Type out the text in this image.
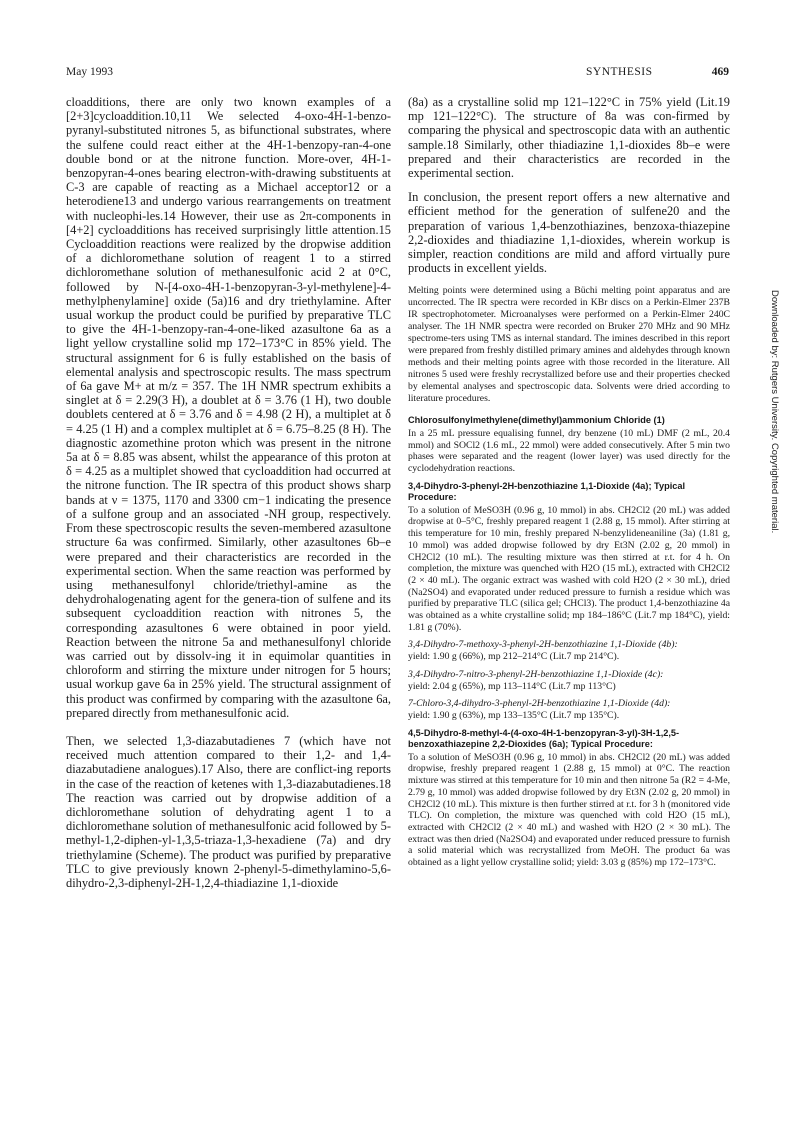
May 1993	SYNTHESIS	469

cloadditions, there are only two known examples of a [2+3]cycloaddition.10,11 We selected 4-oxo-4H-1-benzo-pyranyl-substituted nitrones 5, as bifunctional substrates, where the sulfene could react either at the 4H-1-benzopy-ran-4-one double bond or at the nitrone function. More-over, 4H-1-benzopyran-4-ones bearing electron-with-drawing substituents at C-3 are capable of reacting as a Michael acceptor12 or a heterodiene13 and undergo various rearrangements on treatment with nucleophi-les.14 However, their use as 2π-components in [4+2] cycloadditions has received surprisingly little attention.15 Cycloaddition reactions were realized by the dropwise addition of a dichloromethane solution of reagent 1 to a stirred dichloromethane solution of methanesulfonic acid 2 at 0°C, followed by N-[4-oxo-4H-1-benzopyran-3-yl-methylene]-4-methylphenylamine] oxide (5a)16 and dry triethylamine. After usual workup the product could be purified by preparative TLC to give the 4H-1-benzopy-ran-4-one-liked azasultone 6a as a light yellow crystalline solid mp 172–173°C in 85% yield. The structural assignment for 6 is fully established on the basis of elemental analysis and spectroscopic results. The mass spectrum of 6a gave M+ at m/z = 357. The 1H NMR spectrum exhibits a singlet at δ = 2.29(3 H), a doublet at δ = 3.76 (1 H), two double doublets centered at δ = 3.76 and δ = 4.98 (2 H), a multiplet at δ = 4.25 (1 H) and a complex multiplet at δ = 6.75–8.25 (8 H). The diagnostic azomethine proton which was present in the nitrone 5a at δ = 8.85 was absent, whilst the appearance of this proton at δ = 4.25 as a multiplet showed that cycloaddition had occurred at the nitrone function. The IR spectra of this product shows sharp bands at ν = 1375, 1170 and 3300 cm−1 indicating the presence of a sulfone group and an associated -NH group, respectively. From these spectroscopic results the seven-membered azasultone structure 6a was confirmed. Similarly, other azasultones 6b–e were prepared and their characteristics are recorded in the experimental section. When the same reaction was performed by using methanesulfonyl chloride/triethyl-amine as the dehydrohalogenating agent for the genera-tion of sulfene and its subsequent cycloaddition reaction with nitrones 5, the corresponding azasultones 6 were obtained in poor yield. Reaction between the nitrone 5a and methanesulfonyl chloride was carried out by dissolv-ing it in equimolar quantities in chloroform and stirring the mixture under nitrogen for 5 hours; usual workup gave 6a in 25% yield. The structural assignment of this product was confirmed by comparing with the azasultone 6a, prepared directly from methanesulfonic acid.

Then, we selected 1,3-diazabutadienes 7 (which have not received much attention compared to their 1,2- and 1,4-diazabutadiene analogues).17 Also, there are conflict-ing reports in the case of the reaction of ketenes with 1,3-diazabutadienes.18 The reaction was carried out by dropwise addition of a dichloromethane solution of dehydrating agent 1 to a dichloromethane solution of methanesulfonic acid followed by 5-methyl-1,2-diphen-yl-1,3,5-triaza-1,3-hexadiene (7a) and dry triethylamine (Scheme). The product was purified by preparative TLC to give previously known 2-phenyl-5-dimethylamino-5,6-dihydro-2,3-diphenyl-2H-1,2,4-thiadiazine 1,1-dioxide

(8a) as a crystalline solid mp 121–122°C in 75% yield (Lit.19 mp 121–122°C). The structure of 8a was con-firmed by comparing the physical and spectroscopic data with an authentic sample.18 Similarly, other thiadiazine 1,1-dioxides 8b–e were prepared and their characteristics are recorded in the experimental section.

In conclusion, the present report offers a new alternative and efficient method for the generation of sulfene20 and the preparation of various 1,4-benzothiazines, benzoxa-thiazepine 2,2-dioxides and thiadiazine 1,1-dioxides, wherein workup is simpler, reaction conditions are mild and afford virtually pure products in excellent yields.

Melting points were determined using a Büchi melting point apparatus and are uncorrected. The IR spectra were recorded in KBr discs on a Perkin-Elmer 237B IR spectrophotometer. Microanalyses were performed on a Perkin-Elmer 240C analyser. The 1H NMR spectra were recorded on Bruker 270 MHz and 90 MHz spectrome-ters using TMS as internal standard. The imines described in this report were prepared from freshly distilled primary amines and aldehydes through known methods and their melting points agree with those recorded in the literature. All nitrones 5 used were freshly recrystallized before use and their properties checked by elemental analyses and spectroscopic data. Solvents were dried according to literature procedures.

Chlorosulfonylmethylene(dimethyl)ammonium Chloride (1)

In a 25 mL pressure equalising funnel, dry benzene (10 mL) DMF (2 mL, 20.4 mmol) and SOCl2 (1.6 mL, 22 mmol) were added consecutively. After 5 min two phases were separated and the reagent (lower layer) was used directly for the cyclodehydration reactions.

3,4-Dihydro-3-phenyl-2H-benzothiazine 1,1-Dioxide (4a); Typical Procedure:

To a solution of MeSO3H (0.96 g, 10 mmol) in abs. CH2Cl2 (20 mL) was added dropwise at 0–5°C, freshly prepared reagent 1 (2.88 g, 15 mmol). After stirring at this temperature for 10 min, freshly prepared N-benzylideneaniline (3a) (1.81 g, 10 mmol) was added dropwise followed by dry Et3N (2.02 g, 20 mmol) in CH2Cl2 (10 mL). The resulting mixture was then stirred at r.t. for 4 h. On completion, the mixture was quenched with H2O (15 mL), extracted with CH2Cl2 (2 × 40 mL). The organic extract was washed with cold H2O (2 × 30 mL), dried (Na2SO4) and evaporated under reduced pressure to furnish a residue which was purified by preparative TLC (silica gel; CHCl3). The product 1,4-benzothiazine 4a was obtained as a white crystalline solid; mp 184–186°C (Lit.7 mp 184°C), yield: 1.81 g (70%).

3,4-Dihydro-7-methoxy-3-phenyl-2H-benzothiazine 1,1-Dioxide (4b):
yield: 1.90 g (66%), mp 212–214°C (Lit.7 mp 214°C).
3,4-Dihydro-7-nitro-3-phenyl-2H-benzothiazine 1,1-Dioxide (4c):
yield: 2.04 g (65%), mp 113–114°C (Lit.7 mp 113°C)
7-Chloro-3,4-dihydro-3-phenyl-2H-benzothiazine 1,1-Dioxide (4d):
yield: 1.90 g (63%), mp 133–135°C (Lit.7 mp 135°C).
4,5-Dihydro-8-methyl-4-(4-oxo-4H-1-benzopyran-3-yl)-3H-1,2,5-benzoxathiazepine 2,2-Dioxides (6a); Typical Procedure:

To a solution of MeSO3H (0.96 g, 10 mmol) in abs. CH2Cl2 (20 mL) was added dropwise, freshly prepared reagent 1 (2.88 g, 15 mmol) at 0°C. The reaction mixture was stirred at this temperature for 10 min and then nitrone 5a (R2 = 4-Me, 2.79 g, 10 mmol) was added dropwise followed by dry Et3N (2.02 g, 20 mmol) in CH2Cl2 (10 mL). This mixture is then further stirred at r.t. for 3 h (monitored vide TLC). On completion, the mixture was quenched with cold H2O (15 mL), extracted with CH2Cl2 (2 × 40 mL) and washed with H2O (2 × 30 mL). The extract was then dried (Na2SO4) and evaporated under reduced pressure to furnish a solid material which was recrystallized from MeOH. The product 6a was obtained as a light yellow crystalline solid; yield: 3.03 g (85%) mp 172–173°C.

Downloaded by: Rutgers University. Copyrighted material.
